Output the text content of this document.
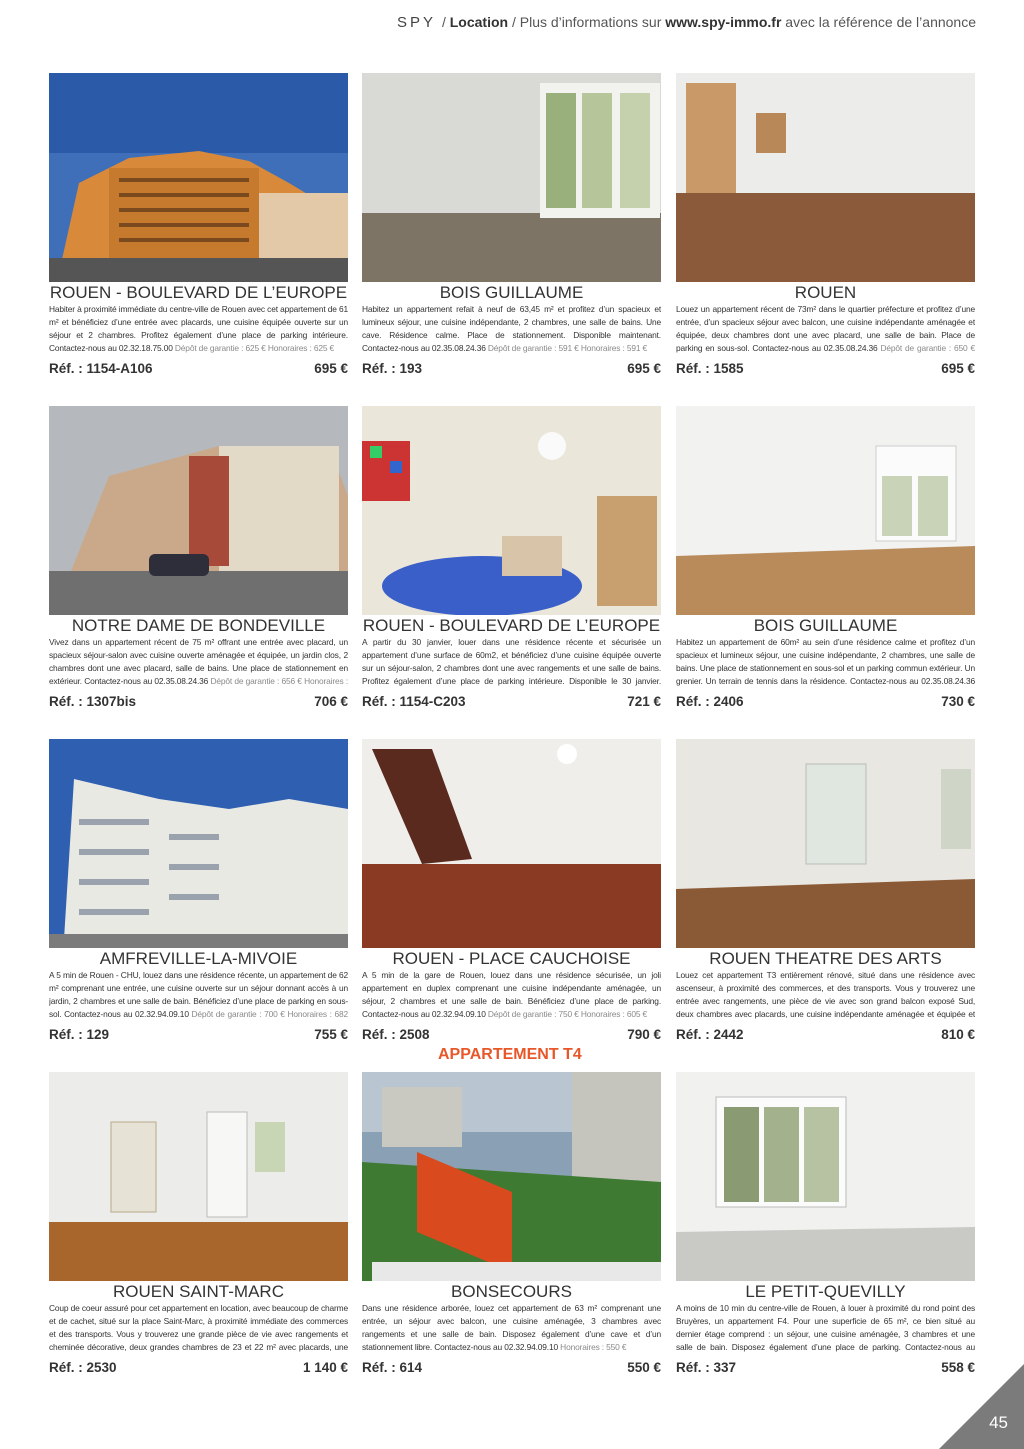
SPY / Location / Plus d’informations sur www.spy-immo.fr avec la référence de l’annonce
ROUEN - BOULEVARD DE L’EUROPE
Habiter à proximité immédiate du centre-ville de Rouen avec cet appartement de 61 m² et bénéficiez d’une entrée avec placards, une cuisine équipée ouverte sur un séjour et 2 chambres. Profitez également d’une place de parking intérieure. Contactez-nous au 02.32.18.75.00 Dépôt de garantie : 625 € Honoraires : 625 €
Réf. : 1154-A106	695 €
BOIS GUILLAUME
Habitez un appartement refait à neuf de 63,45 m² et profitez d’un spacieux et lumineux séjour, une cuisine indépendante, 2 chambres, une salle de bains. Une cave. Résidence calme. Place de stationnement. Disponible maintenant. Contactez-nous au 02.35.08.24.36 Dépôt de garantie : 591 € Honoraires : 591 €
Réf. : 193	695 €
ROUEN
Louez un appartement récent de 73m² dans le quartier préfecture et profitez d’une entrée, d’un spacieux séjour avec balcon, une cuisine indépendante aménagée et équipée, deux chambres dont une avec placard, une salle de bain. Place de parking en sous-sol. Contactez-nous au 02.35.08.24.36 Dépôt de garantie : 650 €
Réf. : 1585	695 €
NOTRE DAME DE BONDEVILLE
Vivez dans un appartement récent de 75 m² offrant une entrée avec placard, un spacieux séjour-salon avec cuisine ouverte aménagée et équipée, un jardin clos, 2 chambres dont une avec placard, salle de bains. Une place de stationnement en extérieur. Contactez-nous au 02.35.08.24.36 Dépôt de garantie : 656 € Honoraires :
Réf. : 1307bis	706 €
ROUEN - BOULEVARD DE L’EUROPE
A partir du 30 janvier, louer dans une résidence récente et sécurisée un appartement d’une surface de 60m2, et bénéficiez d’une cuisine équipée ouverte sur un séjour-salon, 2 chambres dont une avec rangements et une salle de bains. Profitez également d’une place de parking intérieure. Disponible le 30 janvier.
Réf. : 1154-C203	721 €
BOIS GUILLAUME
Habitez un appartement de 60m² au sein d’une résidence calme et profitez d’un spacieux et lumineux séjour, une cuisine indépendante, 2 chambres, une salle de bains. Une place de stationnement en sous-sol et un parking commun extérieur. Un grenier. Un terrain de tennis dans la résidence. Contactez-nous au 02.35.08.24.36
Réf. : 2406	730 €
AMFREVILLE-LA-MIVOIE
A 5 min de Rouen - CHU, louez dans une résidence récente, un appartement de 62 m² comprenant une entrée, une cuisine ouverte sur un séjour donnant accès à un jardin, 2 chambres et une salle de bain. Bénéficiez d’une place de parking en sous-sol. Contactez-nous au 02.32.94.09.10 Dépôt de garantie : 700 € Honoraires : 682
Réf. : 129	755 €
ROUEN - PLACE CAUCHOISE
A 5 min de la gare de Rouen, louez dans une résidence sécurisée, un joli appartement en duplex comprenant une cuisine indépendante aménagée, un séjour, 2 chambres et une salle de bain. Bénéficiez d’une place de parking. Contactez-nous au 02.32.94.09.10 Dépôt de garantie : 750 € Honoraires : 605 €
Réf. : 2508	790 €
ROUEN THEATRE DES ARTS
Louez cet appartement T3 entièrement rénové, situé dans une résidence avec ascenseur, à proximité des commerces, et des transports. Vous y trouverez une entrée avec rangements, une pièce de vie avec son grand balcon exposé Sud, deux chambres avec placards, une cuisine indépendante aménagée et équipée et
Réf. : 2442	810 €
APPARTEMENT T4
ROUEN SAINT-MARC
Coup de coeur assuré pour cet appartement en location, avec beaucoup de charme et de cachet, situé sur la place Saint-Marc, à proximité immédiate des commerces et des transports. Vous y trouverez une grande pièce de vie avec rangements et cheminée décorative, deux grandes chambres de 23 et 22 m² avec placards, une
Réf. : 2530	1 140 €
BONSECOURS
Dans une résidence arborée, louez cet appartement de 63 m² comprenant une entrée, un séjour avec balcon, une cuisine aménagée, 3 chambres avec rangements et une salle de bain. Disposez également d’une cave et d’un stationnement libre. Contactez-nous au 02.32.94.09.10 Honoraires : 550 €
Réf. : 614	550 €
LE PETIT-QUEVILLY
A moins de 10 min du centre-ville de Rouen, à louer à proximité du rond point des Bruyères, un appartement F4. Pour une superficie de 65 m², ce bien situé au dernier étage comprend : un séjour, une cuisine aménagée, 3 chambres et une salle de bain. Disposez également d’une place de parking. Contactez-nous au
Réf. : 337	558 €
45
